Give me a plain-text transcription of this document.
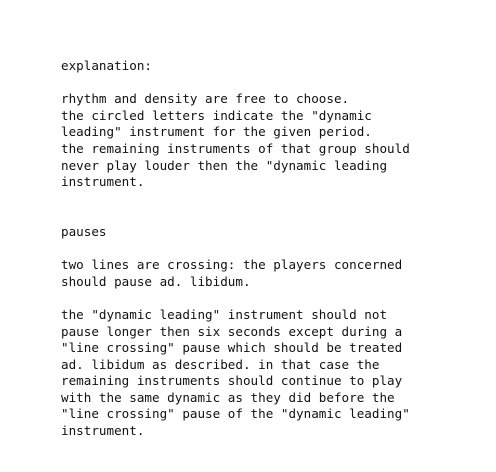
explanation:

rhythm and density are free to choose.

the circled letters indicate the "dynamic

leading" instrument for the given period.

the remaining instruments of that group should

never play louder then the "dynamic leading

instrument.

pauses

two lines are crossing: the players concerned

should pause ad. libidum.

the "dynamic leading" instrument should not

pause longer then six seconds except during a

"line crossing" pause which should be treated

ad. libidum as described. in that case the

remaining instruments should continue to play

with the same dynamic as they did before the

"line crossing" pause of the "dynamic leading"

instrument.
